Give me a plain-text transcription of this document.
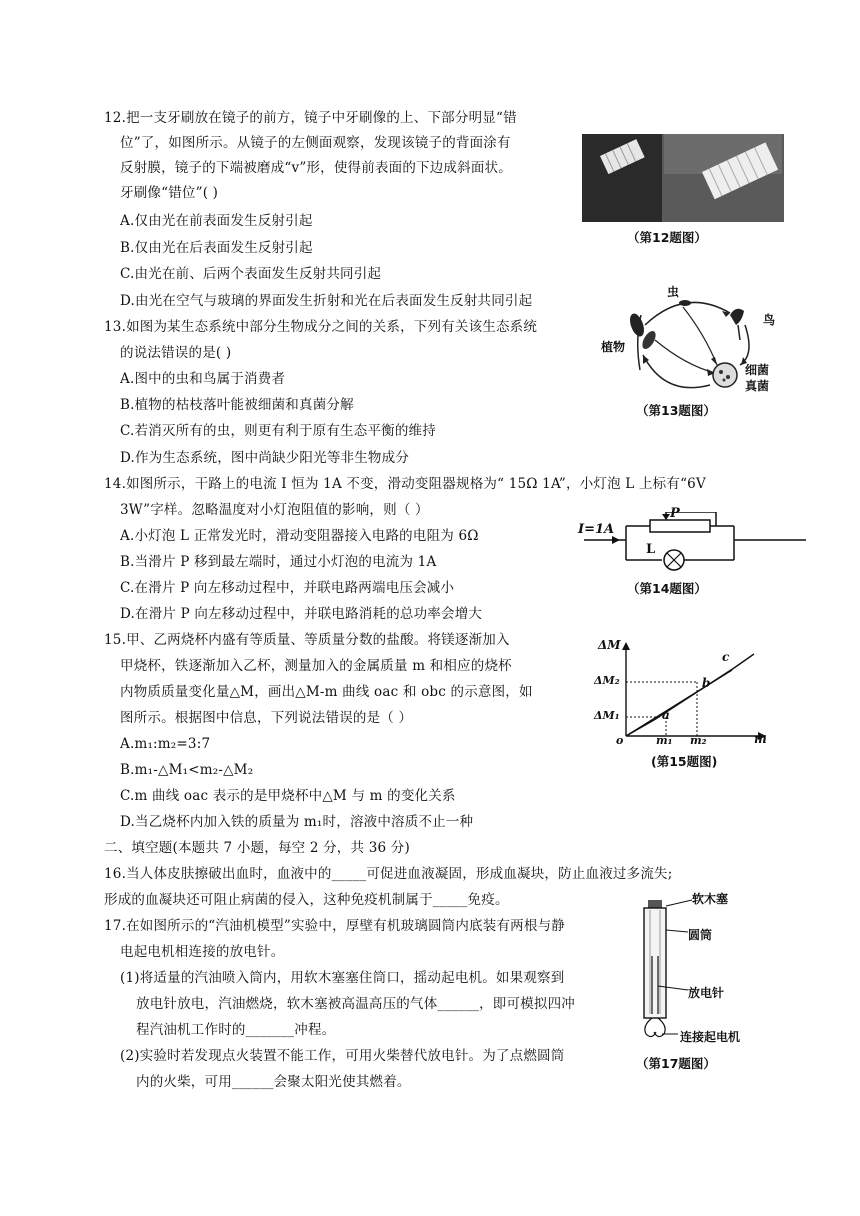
12.把一支牙刷放在镜子的前方，镜子中牙刷像的上、下部分明显“错
位”了，如图所示。从镜子的左侧面观察，发现该镜子的背面涂有
反射膜，镜子的下端被磨成“v”形，使得前表面的下边成斜面状。
牙刷像“错位”( )
A.仅由光在前表面发生反射引起
B.仅由光在后表面发生反射引起
C.由光在前、后两个表面发生反射共同引起
D.由光在空气与玻璃的界面发生折射和光在后表面发生反射共同引起
（第12题图）
13.如图为某生态系统中部分生物成分之间的关系，下列有关该生态系统
的说法错误的是( )
A.图中的虫和鸟属于消费者
B.植物的枯枝落叶能被细菌和真菌分解
C.若消灭所有的虫，则更有利于原有生态平衡的维持
D.作为生态系统，图中尚缺少阳光等非生物成分
虫
鸟
植物
细菌
真菌
（第13题图）
14.如图所示，干路上的电流 I 恒为 1A 不变，滑动变阻器规格为“ 15Ω 1A”，小灯泡 L 上标有“6V
3W”字样。忽略温度对小灯泡阻值的影响，则（ ）
A.小灯泡 L 正常发光时，滑动变阻器接入电路的电阻为 6Ω
B.当滑片 P 移到最左端时，通过小灯泡的电流为 1A
C.在滑片 P 向左移动过程中，并联电路两端电压会减小
D.在滑片 P 向左移动过程中，并联电路消耗的总功率会增大
I=1A
P
L
（第14题图）
15.甲、乙两烧杯内盛有等质量、等质量分数的盐酸。将镁逐渐加入
甲烧杯，铁逐渐加入乙杯，测量加入的金属质量 m 和相应的烧杯
内物质质量变化量△M，画出△M-m 曲线 oac 和 obc 的示意图，如
图所示。根据图中信息，下列说法错误的是（ ）
A.m₁:m₂=3:7
B.m₁-△M₁<m₂-△M₂
C.m 曲线 oac 表示的是甲烧杯中△M 与 m 的变化关系
D.当乙烧杯内加入铁的质量为 m₁时，溶液中溶质不止一种
ΔM
m
ΔM₂
ΔM₁
o	m₁ m₂
a
b
c
(第15题图)
二、填空题(本题共 7 小题，每空 2 分，共 36 分)
16.当人体皮肤擦破出血时，血液中的_____可促进血液凝固，形成血凝块，防止血液过多流失;
形成的血凝块还可阻止病菌的侵入，这种免疫机制属于_____免疫。
17.在如图所示的“汽油机模型”实验中，厚壁有机玻璃圆筒内底装有两根与静
电起电机相连接的放电针。
(1)将适量的汽油喷入筒内，用软木塞塞住筒口，摇动起电机。如果观察到
放电针放电，汽油燃烧，软木塞被高温高压的气体______，即可模拟四冲
程汽油机工作时的_______冲程。
(2)实验时若发现点火装置不能工作，可用火柴替代放电针。为了点燃圆筒
内的火柴，可用______会聚太阳光使其燃着。
软木塞
圆筒
放电针
连接起电机
（第17题图）
